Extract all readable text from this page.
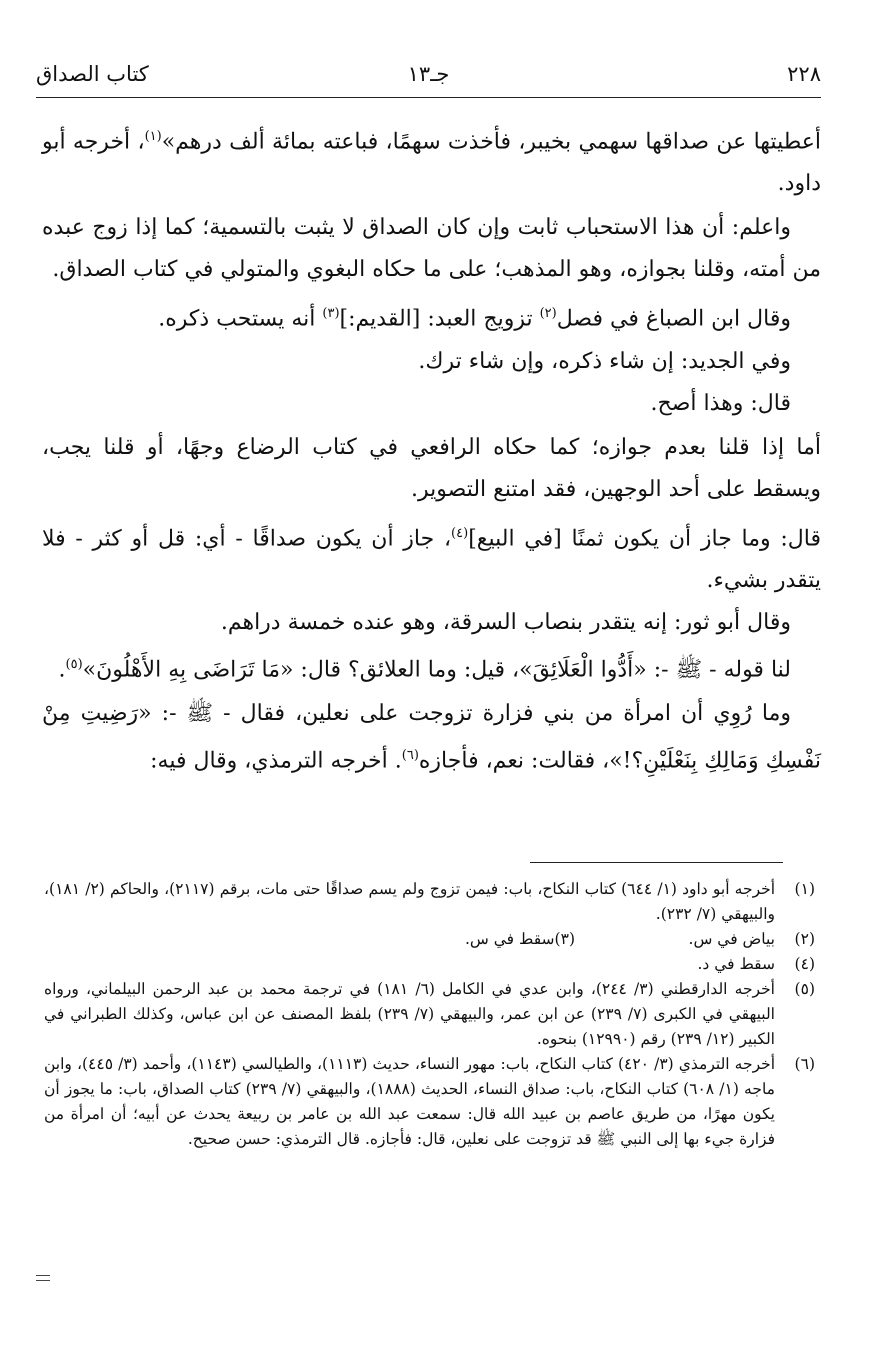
٢٢٨
جـ١٣
كتاب الصداق

أعطيتها عن صداقها سهمي بخيبر، فأخذت سهمًا، فباعته بمائة ألف درهم»$^{(١)}$، أخرجه أبو داود.

واعلم: أن هذا الاستحباب ثابت وإن كان الصداق لا يثبت بالتسمية؛ كما إذا زوج عبده من أمته، وقلنا بجوازه، وهو المذهب؛ على ما حكاه البغوي والمتولي في كتاب الصداق.

وقال ابن الصباغ في فصل$^{(٢)}$ تزويج العبد: [القديم:]$^{(٣)}$ أنه يستحب ذكره.

وفي الجديد: إن شاء ذكره، وإن شاء ترك.

قال: وهذا أصح.

أما إذا قلنا بعدم جوازه؛ كما حكاه الرافعي في كتاب الرضاع وجهًا، أو قلنا يجب، ويسقط على أحد الوجهين، فقد امتنع التصوير.

قال: وما جاز أن يكون ثمنًا [في البيع]$^{(٤)}$، جاز أن يكون صداقًا - أي: قل أو كثر - فلا يتقدر بشيء.

وقال أبو ثور: إنه يتقدر بنصاب السرقة، وهو عنده خمسة دراهم.

لنا قوله - ﷺ -: «أَدُّوا الْعَلَائِقَ»، قيل: وما العلائق؟ قال: «مَا تَرَاضَى بِهِ الأَهْلُونَ»$^{(٥)}$.

وما رُوِي أن امرأة من بني فزارة تزوجت على نعلين، فقال - ﷺ -: «رَضِيتِ مِنْ نَفْسِكِ وَمَالِكِ بِنَعْلَيْنِ؟!»، فقالت: نعم، فأجازه$^{(٦)}$. أخرجه الترمذي، وقال فيه:

(١)
أخرجه أبو داود (١/ ٦٤٤) كتاب النكاح، باب: فيمن تزوج ولم يسم صداقًا حتى مات، برقم (٢١١٧)، والحاكم (٢/ ١٨١)، والبيهقي (٧/ ٢٣٢).
(٢)
بياض في س.
(٣)
سقط في س.
(٤)
سقط في د.
(٥)
أخرجه الدارقطني (٣/ ٢٤٤)، وابن عدي في الكامل (٦/ ١٨١) في ترجمة محمد بن عبد الرحمن البيلماني، ورواه البيهقي في الكبرى (٧/ ٢٣٩) عن ابن عمر، والبيهقي (٧/ ٢٣٩) بلفظ المصنف عن ابن عباس، وكذلك الطبراني في الكبير (١٢/ ٢٣٩) رقم (١٢٩٩٠) بنحوه.
(٦)
أخرجه الترمذي (٣/ ٤٢٠) كتاب النكاح، باب: مهور النساء، حديث (١١١٣)، والطيالسي (١١٤٣)، وأحمد (٣/ ٤٤٥)، وابن ماجه (١/ ٦٠٨) كتاب النكاح، باب: صداق النساء، الحديث (١٨٨٨)، والبيهقي (٧/ ٢٣٩) كتاب الصداق، باب: ما يجوز أن يكون مهرًا، من طريق عاصم بن عبيد الله قال: سمعت عبد الله بن عامر بن ربيعة يحدث عن أبيه؛ أن امرأة من فزارة جيء بها إلى النبي ﷺ قد تزوجت على نعلين، قال: فأجازه. قال الترمذي: حسن صحيح.
